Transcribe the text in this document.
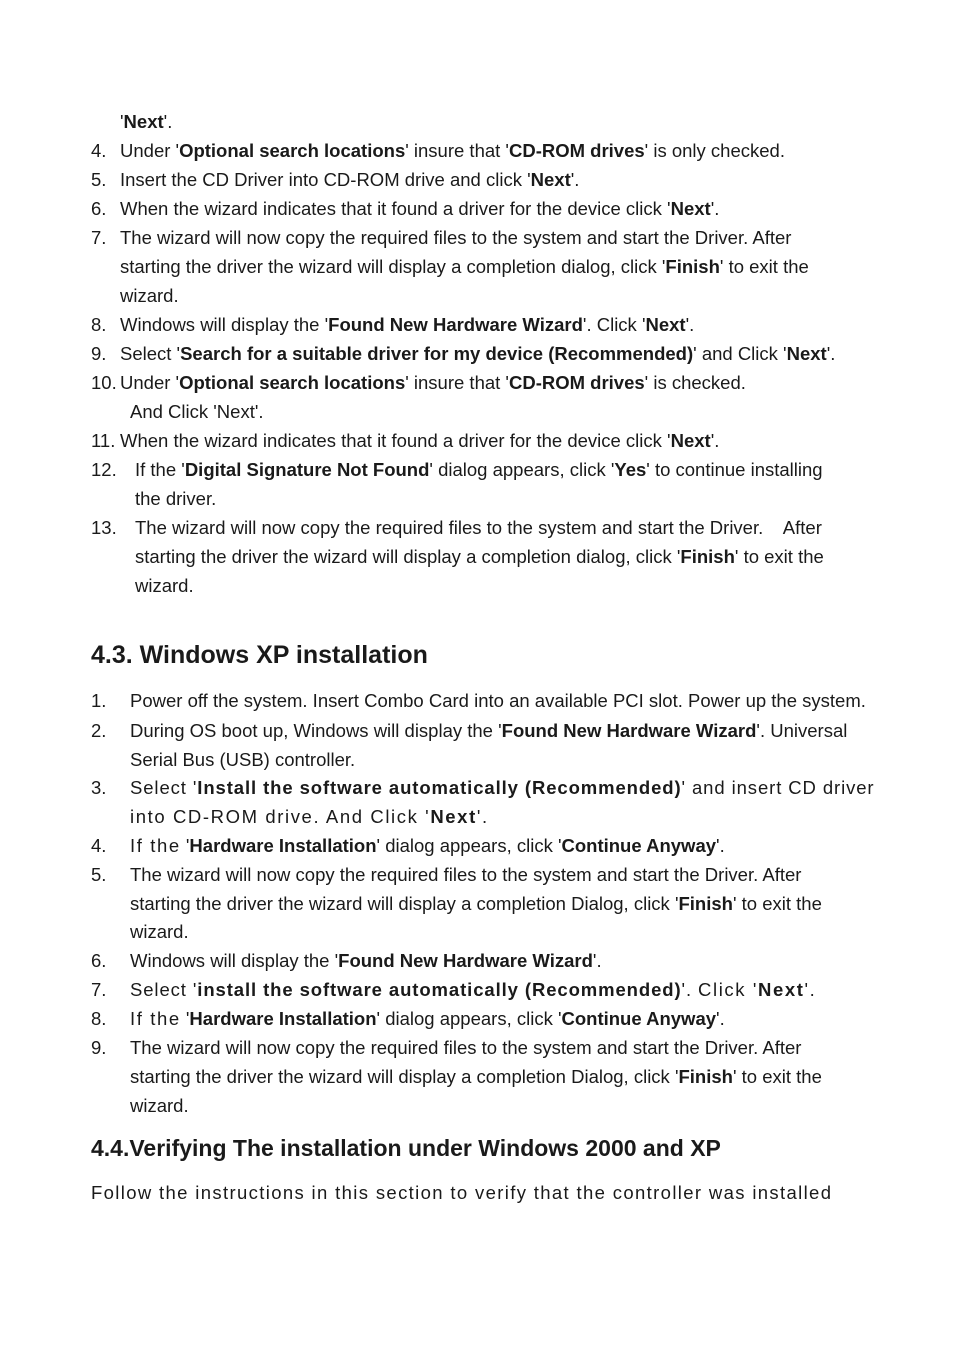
'Next'.
4. Under 'Optional search locations' insure that 'CD-ROM drives' is only checked.
5. Insert the CD Driver into CD-ROM drive and click 'Next'.
6. When the wizard indicates that it found a driver for the device click 'Next'.
7. The wizard will now copy the required files to the system and start the Driver. After
starting the driver the wizard will display a completion dialog, click 'Finish' to exit the
wizard.
8. Windows will display the 'Found New Hardware Wizard'. Click 'Next'.
9. Select 'Search for a suitable driver for my device (Recommended)' and Click 'Next'.
10. Under 'Optional search locations' insure that 'CD-ROM drives' is checked.
And Click 'Next'.
11. When the wizard indicates that it found a driver for the device click 'Next'.
12. If the 'Digital Signature Not Found' dialog appears, click 'Yes' to continue installing
the driver.
13. The wizard will now copy the required files to the system and start the Driver.    After
starting the driver the wizard will display a completion dialog, click 'Finish' to exit the
wizard.
4.3. Windows XP installation
1. Power off the system. Insert Combo Card into an available PCI slot. Power up the system.
2. During OS boot up, Windows will display the 'Found New Hardware Wizard'. Universal
Serial Bus (USB) controller.
3. Select 'Install the software automatically (Recommended)' and insert CD driver
into CD-ROM drive. And Click 'Next'.
4. If the 'Hardware Installation' dialog appears, click 'Continue Anyway'.
5. The wizard will now copy the required files to the system and start the Driver. After
starting the driver the wizard will display a completion Dialog, click 'Finish' to exit the
wizard.
6. Windows will display the 'Found New Hardware Wizard'.
7. Select 'install the software automatically (Recommended)'. Click 'Next'.
8. If the 'Hardware Installation' dialog appears, click 'Continue Anyway'.
9. The wizard will now copy the required files to the system and start the Driver. After
starting the driver the wizard will display a completion Dialog, click 'Finish' to exit the
wizard.
4.4.Verifying The installation under Windows 2000 and XP
Follow the instructions in this section to verify that the controller was installed
